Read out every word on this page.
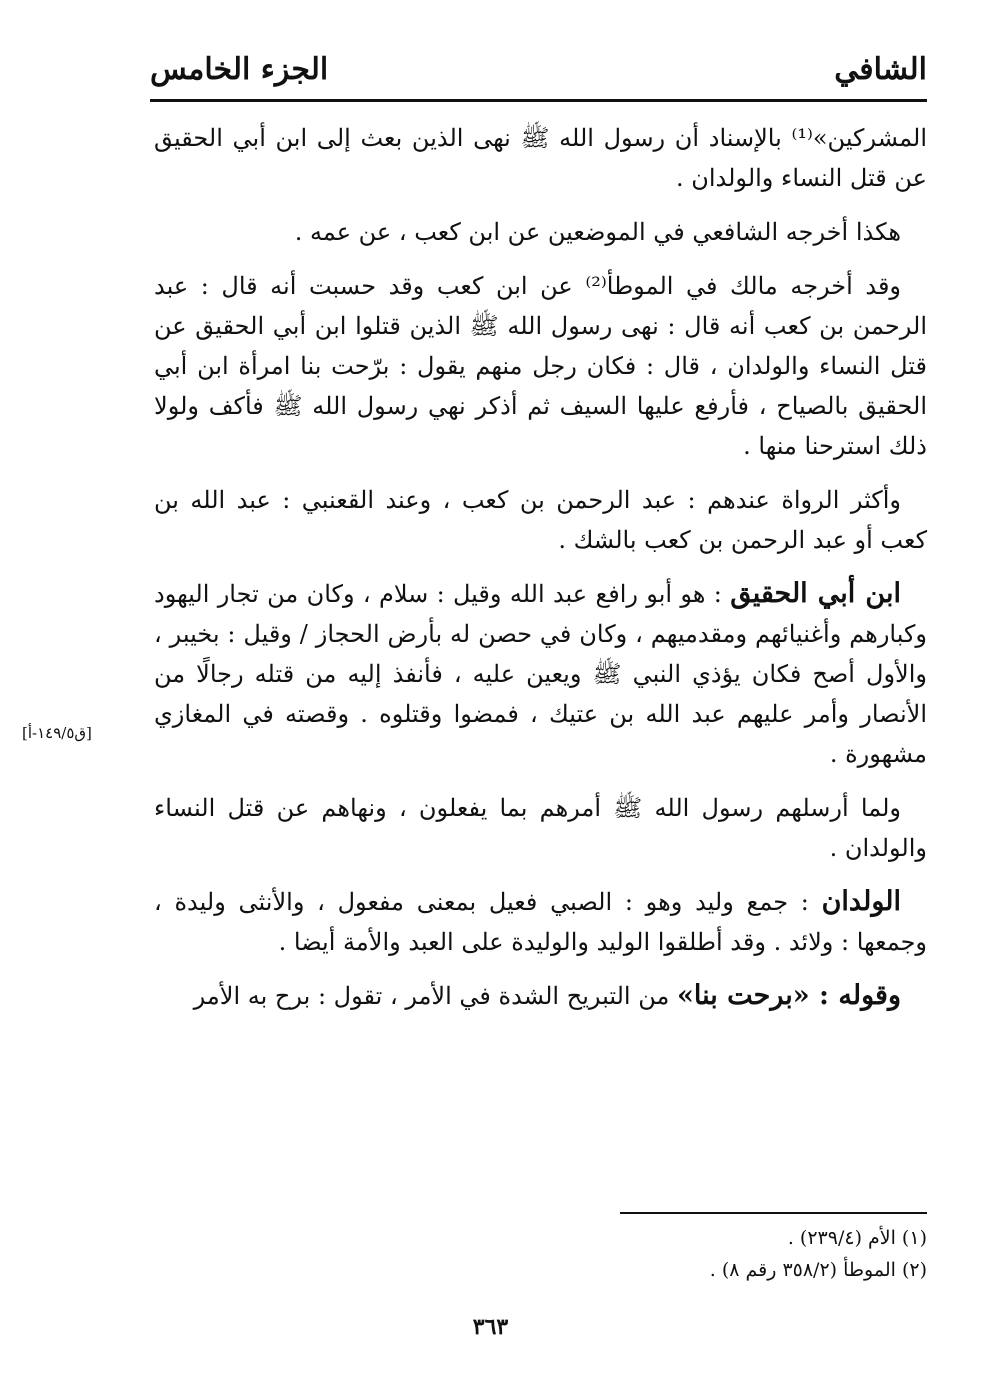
الشافي
الجزء الخامس

المشركين»⁽¹⁾ بالإسناد أن رسول الله ﷺ نهى الذين بعث إلى ابن أبي الحقيق عن قتل النساء والولدان .

هكذا أخرجه الشافعي في الموضعين عن ابن كعب ، عن عمه .

وقد أخرجه مالك في الموطأ⁽²⁾ عن ابن كعب وقد حسبت أنه قال : عبد الرحمن بن كعب أنه قال : نهى رسول الله ﷺ الذين قتلوا ابن أبي الحقيق عن قتل النساء والولدان ، قال : فكان رجل منهم يقول : برّحت بنا امرأة ابن أبي الحقيق بالصياح ، فأرفع عليها السيف ثم أذكر نهي رسول الله ﷺ فأكف ولولا ذلك استرحنا منها .

وأكثر الرواة عندهم : عبد الرحمن بن كعب ، وعند القعنبي : عبد الله بن كعب أو عبد الرحمن بن كعب بالشك .

ابن أبي الحقيق : هو أبو رافع عبد الله وقيل : سلام ، وكان من تجار اليهود وكبارهم وأغنيائهم ومقدميهم ، وكان في حصن له بأرض الحجاز / وقيل : بخيبر ، والأول أصح فكان يؤذي النبي ﷺ ويعين عليه ، فأنفذ إليه من قتله رجالًا من الأنصار وأمر عليهم عبد الله بن عتيك ، فمضوا وقتلوه . وقصته في المغازي مشهورة .

ولما أرسلهم رسول الله ﷺ أمرهم بما يفعلون ، ونهاهم عن قتل النساء والولدان .

الولدان : جمع وليد وهو : الصبي فعيل بمعنى مفعول ، والأنثى وليدة ، وجمعها : ولائد . وقد أطلقوا الوليد والوليدة على العبد والأمة أيضا .

وقوله : «برحت بنا» من التبريح الشدة في الأمر ، تقول : برح به الأمر

[ق١٤٩/٥-أ]

(١) الأم (٢٣٩/٤) .

(٢) الموطأ (٣٥٨/٢ رقم ٨) .

٣٦٣
